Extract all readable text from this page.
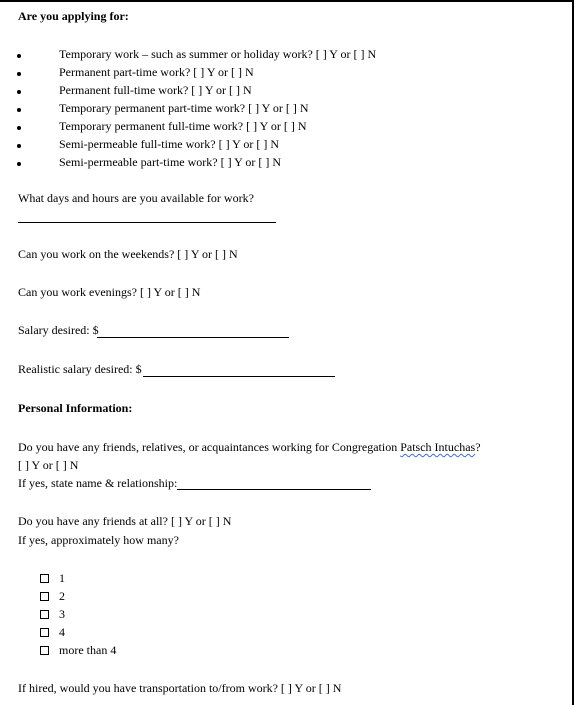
Are you applying for:
Temporary work – such as summer or holiday work? [ ] Y or [ ] N
Permanent part-time work? [ ] Y or [ ] N
Permanent full-time work? [ ] Y or [ ] N
Temporary permanent part-time work? [ ] Y or [ ] N
Temporary permanent full-time work? [ ] Y or [ ] N
Semi-permeable full-time work? [ ] Y or [ ] N
Semi-permeable part-time work? [ ] Y or [ ] N
What days and hours are you available for work?
Can you work on the weekends? [ ] Y or [ ] N
Can you work evenings? [ ] Y or [ ] N
Salary desired: $
Realistic salary desired: $
Personal Information:
Do you have any friends, relatives, or acquaintances working for Congregation Patsch Intuchas?
[ ] Y or [ ] N
If yes, state name & relationship:
Do you have any friends at all? [ ] Y or [ ] N
If yes, approximately how many?
1
2
3
4
more than 4
If hired, would you have transportation to/from work? [ ] Y or [ ] N
